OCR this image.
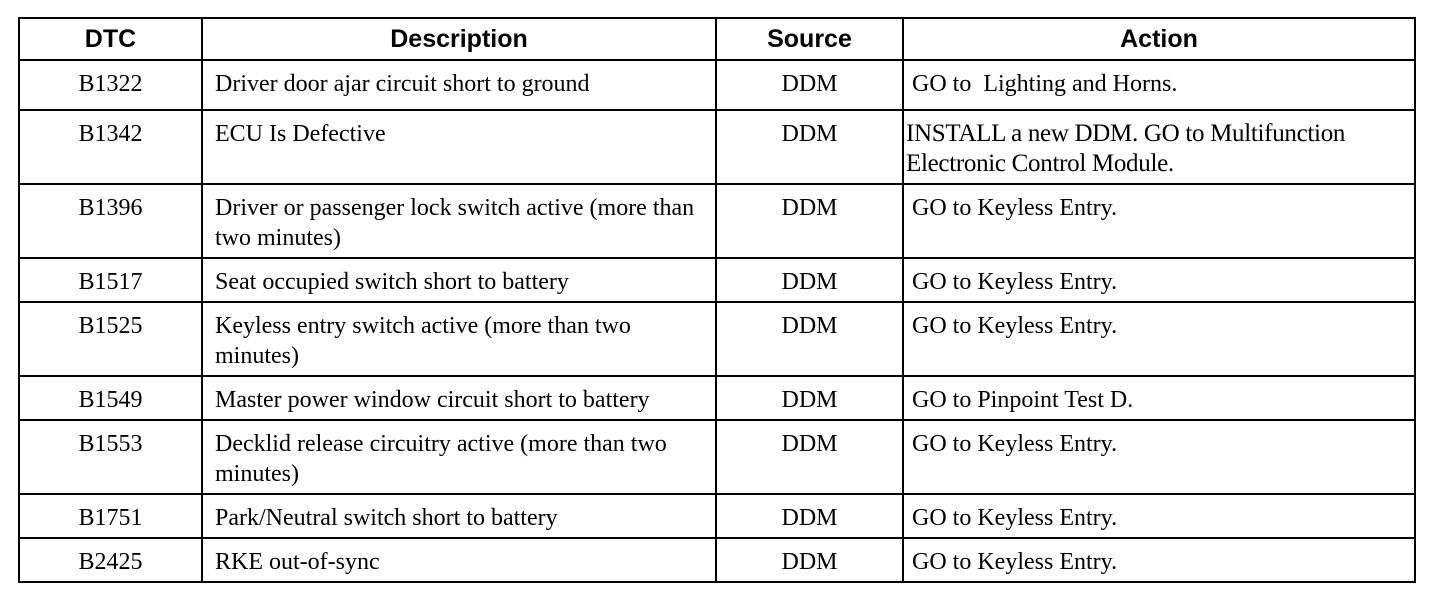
DTC	Description	Source	Action
B1322	Driver door ajar circuit short to ground	DDM	GO to  Lighting and Horns.
B1342	ECU Is Defective	DDM	INSTALL a new DDM. GO to Multifunction Electronic Control Module.
B1396	Driver or passenger lock switch active (more than two minutes)	DDM	GO to Keyless Entry.
B1517	Seat occupied switch short to battery	DDM	GO to Keyless Entry.
B1525	Keyless entry switch active (more than two minutes)	DDM	GO to Keyless Entry.
B1549	Master power window circuit short to battery	DDM	GO to Pinpoint Test D.
B1553	Decklid release circuitry active (more than two minutes)	DDM	GO to Keyless Entry.
B1751	Park/Neutral switch short to battery	DDM	GO to Keyless Entry.
B2425	RKE out-of-sync	DDM	GO to Keyless Entry.
